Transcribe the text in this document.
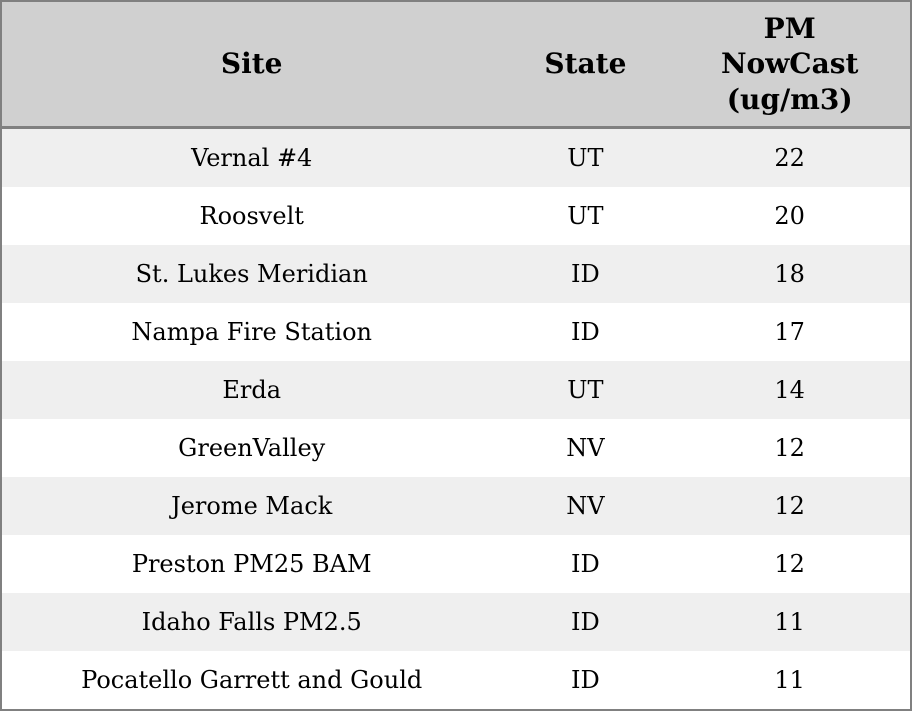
Site	State	PM NowCast (ug/m3)
Vernal #4	UT	22
Roosvelt	UT	20
St. Lukes Meridian	ID	18
Nampa Fire Station	ID	17
Erda	UT	14
GreenValley	NV	12
Jerome Mack	NV	12
Preston PM25 BAM	ID	12
Idaho Falls PM2.5	ID	11
Pocatello Garrett and Gould	ID	11
